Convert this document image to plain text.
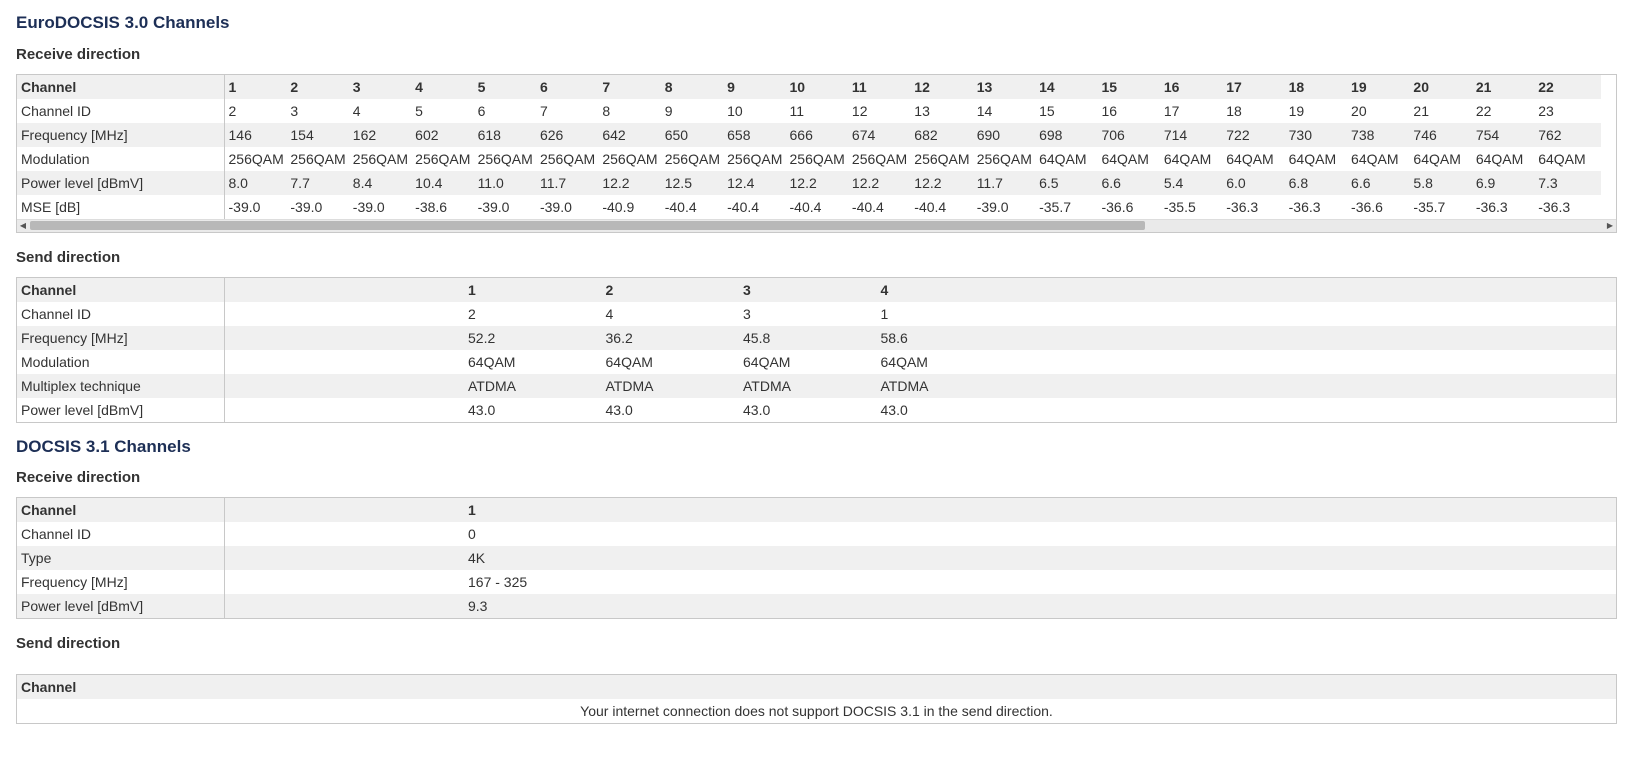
EuroDOCSIS 3.0 Channels
Receive direction
Channel	1	2	3	4	5	6	7	8	9	10	11	12	13	14	15	16	17	18	19	20	21	22	
Channel ID	2	3	4	5	6	7	8	9	10	11	12	13	14	15	16	17	18	19	20	21	22	23	
Frequency [MHz]	146	154	162	602	618	626	642	650	658	666	674	682	690	698	706	714	722	730	738	746	754	762	
Modulation	256QAM	256QAM	256QAM	256QAM	256QAM	256QAM	256QAM	256QAM	256QAM	256QAM	256QAM	256QAM	256QAM	64QAM	64QAM	64QAM	64QAM	64QAM	64QAM	64QAM	64QAM	64QAM	
Power level [dBmV]	8.0	7.7	8.4	10.4	11.0	11.7	12.2	12.5	12.4	12.2	12.2	12.2	11.7	6.5	6.6	5.4	6.0	6.8	6.6	5.8	6.9	7.3	
MSE [dB]	-39.0	-39.0	-39.0	-38.6	-39.0	-39.0	-40.9	-40.4	-40.4	-40.4	-40.4	-40.4	-39.0	-35.7	-36.6	-35.5	-36.3	-36.3	-36.6	-35.7	-36.3	-36.3	
◀	▶
Send direction
Channel		1	2	3	4	
Channel ID		2	4	3	1	
Frequency [MHz]		52.2	36.2	45.8	58.6	
Modulation		64QAM	64QAM	64QAM	64QAM	
Multiplex technique		ATDMA	ATDMA	ATDMA	ATDMA	
Power level [dBmV]		43.0	43.0	43.0	43.0	
DOCSIS 3.1 Channels
Receive direction
Channel		1	
Channel ID		0	
Type		4K	
Frequency [MHz]		167 - 325	
Power level [dBmV]		9.3	
Send direction
Channel
Your internet connection does not support DOCSIS 3.1 in the send direction.
